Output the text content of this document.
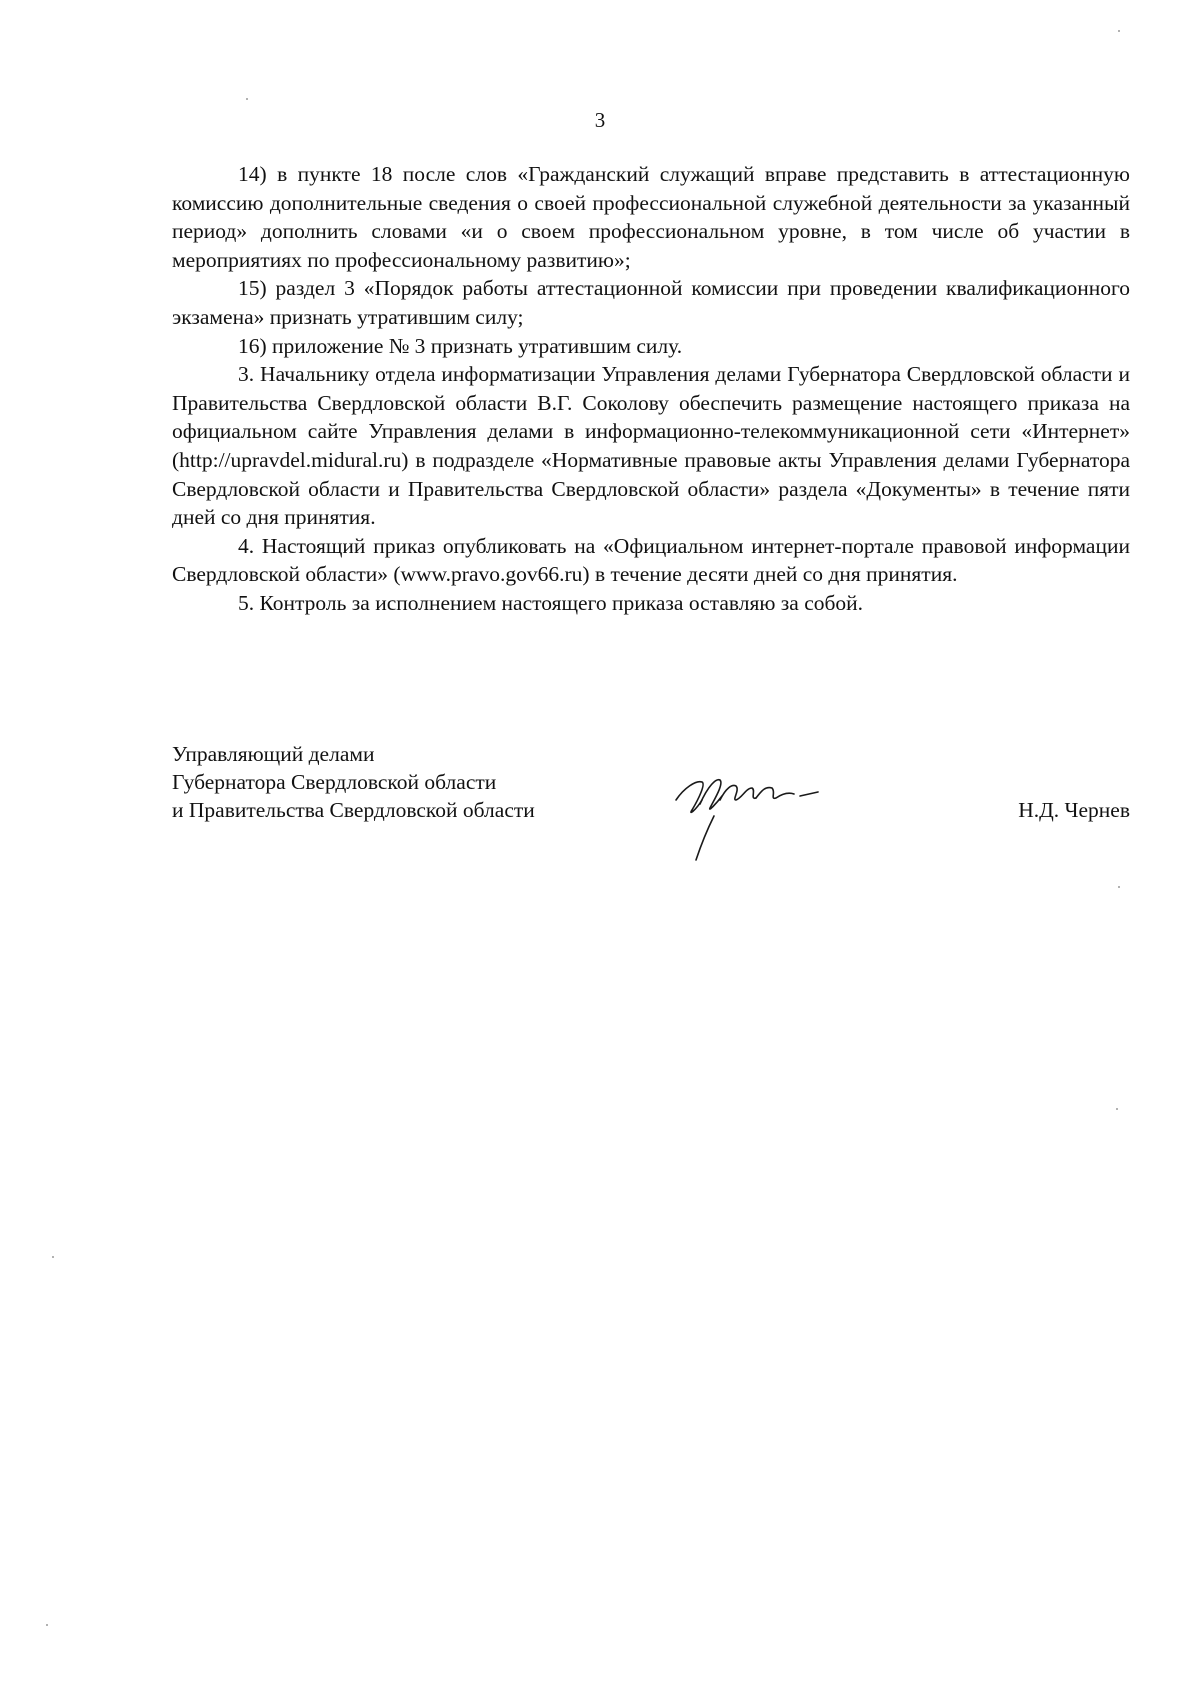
3

14) в пункте 18 после слов «Гражданский служащий вправе представить в аттестационную комиссию дополнительные сведения о своей профессиональной служебной деятельности за указанный период» дополнить словами «и о своем профессиональном уровне, в том числе об участии в мероприятиях по профессиональному развитию»;

15) раздел 3 «Порядок работы аттестационной комиссии при проведении квалификационного экзамена» признать утратившим силу;

16) приложение № 3 признать утратившим силу.

3. Начальнику отдела информатизации Управления делами Губернатора Свердловской области и Правительства Свердловской области В.Г. Соколову обеспечить размещение настоящего приказа на официальном сайте Управления делами в информационно-телекоммуникационной сети «Интернет» (http://upravdel.midural.ru) в подразделе «Нормативные правовые акты Управления делами Губернатора Свердловской области и Правительства Свердловской области» раздела «Документы» в течение пяти дней со дня принятия.

4. Настоящий приказ опубликовать на «Официальном интернет-портале правовой информации Свердловской области» (www.pravo.gov66.ru) в течение десяти дней со дня принятия.

5. Контроль за исполнением настоящего приказа оставляю за собой.

Управляющий делами
Губернатора Свердловской области
и Правительства Свердловской области	Н.Д. Чернев
